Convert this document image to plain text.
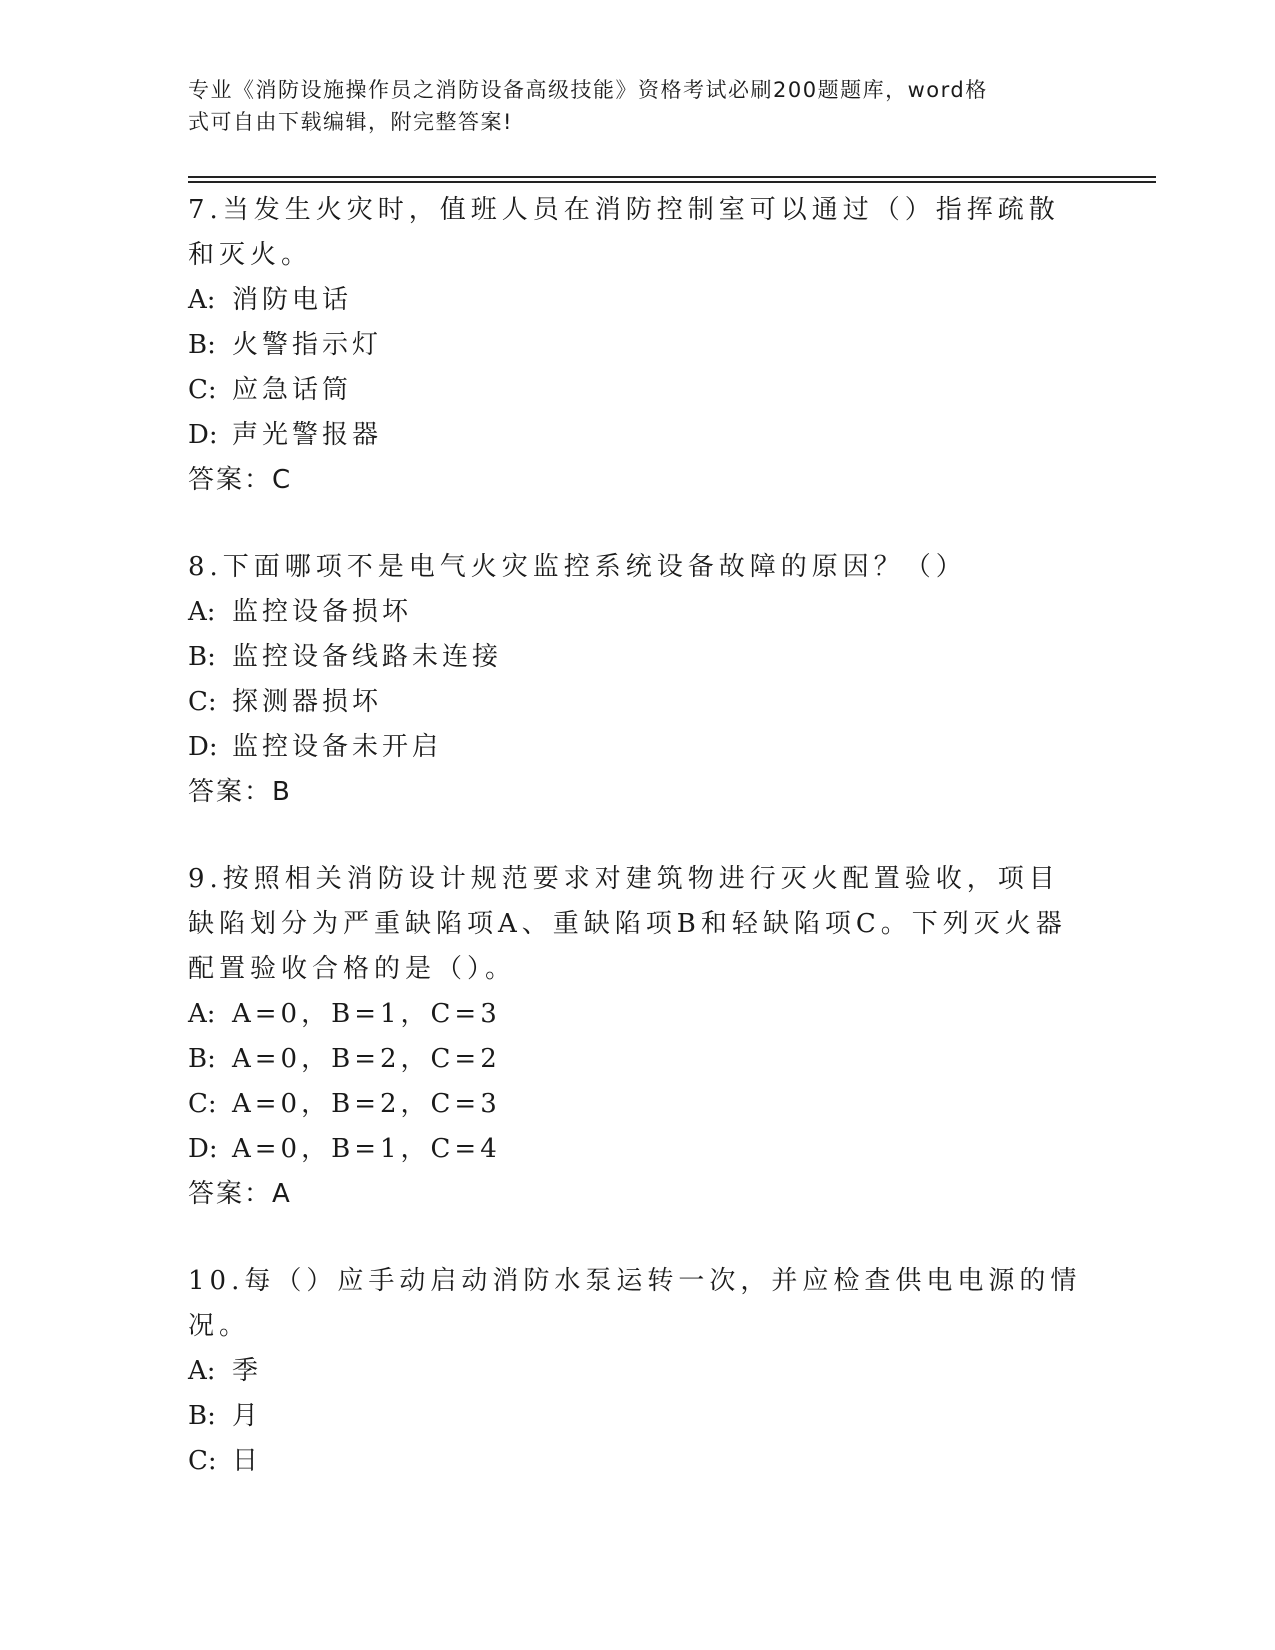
专业《消防设施操作员之消防设备高级技能》资格考试必刷200题题库，word格
式可自由下载编辑，附完整答案!

7.当发生火灾时，值班人员在消防控制室可以通过（）指挥疏散和灭火。

A: 消防电话

B: 火警指示灯

C: 应急话筒

D: 声光警报器

答案：C

8.下面哪项不是电气火灾监控系统设备故障的原因？（）

A: 监控设备损坏

B: 监控设备线路未连接

C: 探测器损坏

D: 监控设备未开启

答案：B

9.按照相关消防设计规范要求对建筑物进行灭火配置验收，项目缺陷划分为严重缺陷项A、重缺陷项B和轻缺陷项C。下列灭火器配置验收合格的是（）。

A: A=0，B=1，C=3

B: A=0，B=2，C=2

C: A=0，B=2，C=3

D: A=0，B=1，C=4

答案：A

10.每（）应手动启动消防水泵运转一次，并应检查供电电源的情况。

A: 季

B: 月

C: 日
